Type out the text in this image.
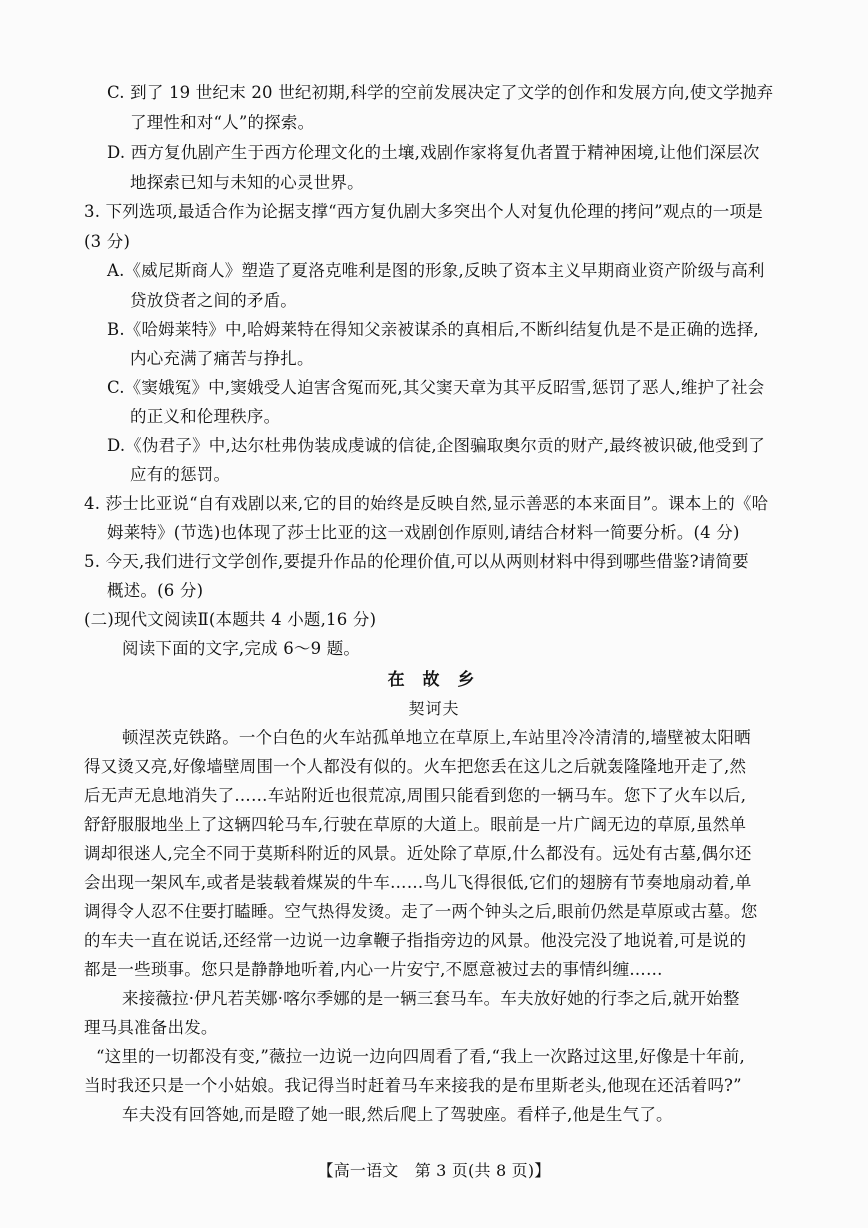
C. 到了 19 世纪末 20 世纪初期,科学的空前发展决定了文学的创作和发展方向,使文学抛弃
了理性和对“人”的探索。
D. 西方复仇剧产生于西方伦理文化的土壤,戏剧作家将复仇者置于精神困境,让他们深层次
地探索已知与未知的心灵世界。
3. 下列选项,最适合作为论据支撑“西方复仇剧大多突出个人对复仇伦理的拷问”观点的一项是
(3 分)
A.《威尼斯商人》塑造了夏洛克唯利是图的形象,反映了资本主义早期商业资产阶级与高利
贷放贷者之间的矛盾。
B.《哈姆莱特》中,哈姆莱特在得知父亲被谋杀的真相后,不断纠结复仇是不是正确的选择,
内心充满了痛苦与挣扎。
C.《窦娥冤》中,窦娥受人迫害含冤而死,其父窦天章为其平反昭雪,惩罚了恶人,维护了社会
的正义和伦理秩序。
D.《伪君子》中,达尔杜弗伪装成虔诚的信徒,企图骗取奥尔贡的财产,最终被识破,他受到了
应有的惩罚。
4. 莎士比亚说“自有戏剧以来,它的目的始终是反映自然,显示善恶的本来面目”。课本上的《哈
姆莱特》(节选)也体现了莎士比亚的这一戏剧创作原则,请结合材料一简要分析。(4 分)
5. 今天,我们进行文学创作,要提升作品的伦理价值,可以从两则材料中得到哪些借鉴?请简要
概述。(6 分)
(二)现代文阅读Ⅱ(本题共 4 小题,16 分)
阅读下面的文字,完成 6～9 题。
在 故 乡
契诃夫
顿涅茨克铁路。一个白色的火车站孤单地立在草原上,车站里冷冷清清的,墙壁被太阳晒
得又烫又亮,好像墙壁周围一个人都没有似的。火车把您丢在这儿之后就轰隆隆地开走了,然
后无声无息地消失了……车站附近也很荒凉,周围只能看到您的一辆马车。您下了火车以后,
舒舒服服地坐上了这辆四轮马车,行驶在草原的大道上。眼前是一片广阔无边的草原,虽然单
调却很迷人,完全不同于莫斯科附近的风景。近处除了草原,什么都没有。远处有古墓,偶尔还
会出现一架风车,或者是装载着煤炭的牛车……鸟儿飞得很低,它们的翅膀有节奏地扇动着,单
调得令人忍不住要打瞌睡。空气热得发烫。走了一两个钟头之后,眼前仍然是草原或古墓。您
的车夫一直在说话,还经常一边说一边拿鞭子指指旁边的风景。他没完没了地说着,可是说的
都是一些琐事。您只是静静地听着,内心一片安宁,不愿意被过去的事情纠缠……
来接薇拉·伊凡若芙娜·喀尔季娜的是一辆三套马车。车夫放好她的行李之后,就开始整
理马具准备出发。
“这里的一切都没有变,”薇拉一边说一边向四周看了看,“我上一次路过这里,好像是十年前,
当时我还只是一个小姑娘。我记得当时赶着马车来接我的是布里斯老头,他现在还活着吗?”
车夫没有回答她,而是瞪了她一眼,然后爬上了驾驶座。看样子,他是生气了。
【高一语文　第 3 页(共 8 页)】
